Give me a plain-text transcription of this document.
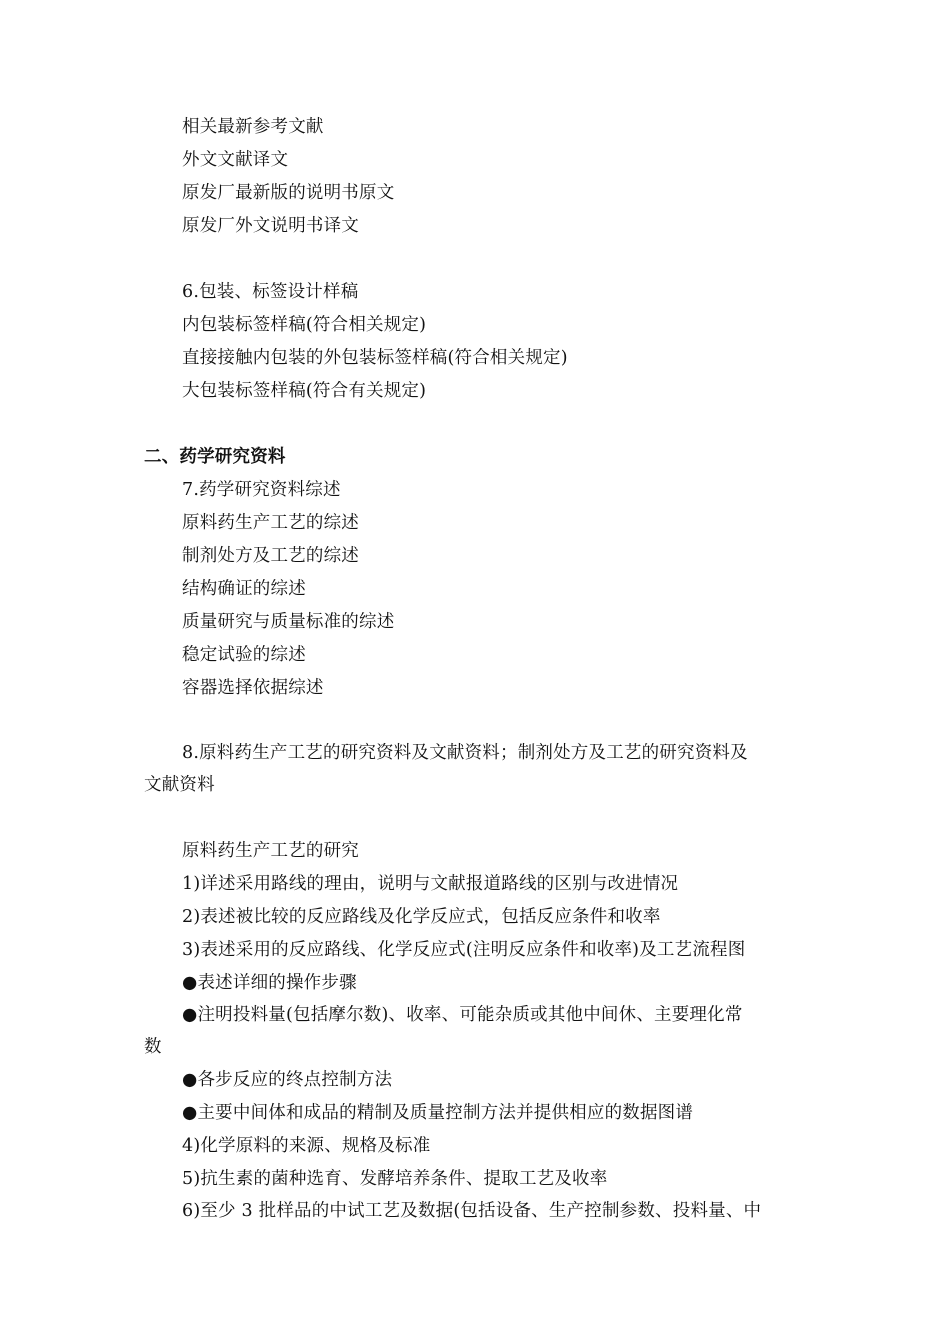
相关最新参考文献
外文文献译文
原发厂最新版的说明书原文
原发厂外文说明书译文
6.包装、标签设计样稿
内包装标签样稿(符合相关规定)
直接接触内包装的外包装标签样稿(符合相关规定)
大包装标签样稿(符合有关规定)
二、药学研究资料
7.药学研究资料综述
原料药生产工艺的综述
制剂处方及工艺的综述
结构确证的综述
质量研究与质量标准的综述
稳定试验的综述
容器选择依据综述
8.原料药生产工艺的研究资料及文献资料；制剂处方及工艺的研究资料及
文献资料
原料药生产工艺的研究
1)详述采用路线的理由，说明与文献报道路线的区别与改进情况
2)表述被比较的反应路线及化学反应式，包括反应条件和收率
3)表述采用的反应路线、化学反应式(注明反应条件和收率)及工艺流程图
●表述详细的操作步骤
●注明投料量(包括摩尔数)、收率、可能杂质或其他中间休、主要理化常
数
●各步反应的终点控制方法
●主要中间体和成品的精制及质量控制方法并提供相应的数据图谱
4)化学原料的来源、规格及标准
5)抗生素的菌种选育、发酵培养条件、提取工艺及收率
6)至少 3 批样品的中试工艺及数据(包括设备、生产控制参数、投料量、中
